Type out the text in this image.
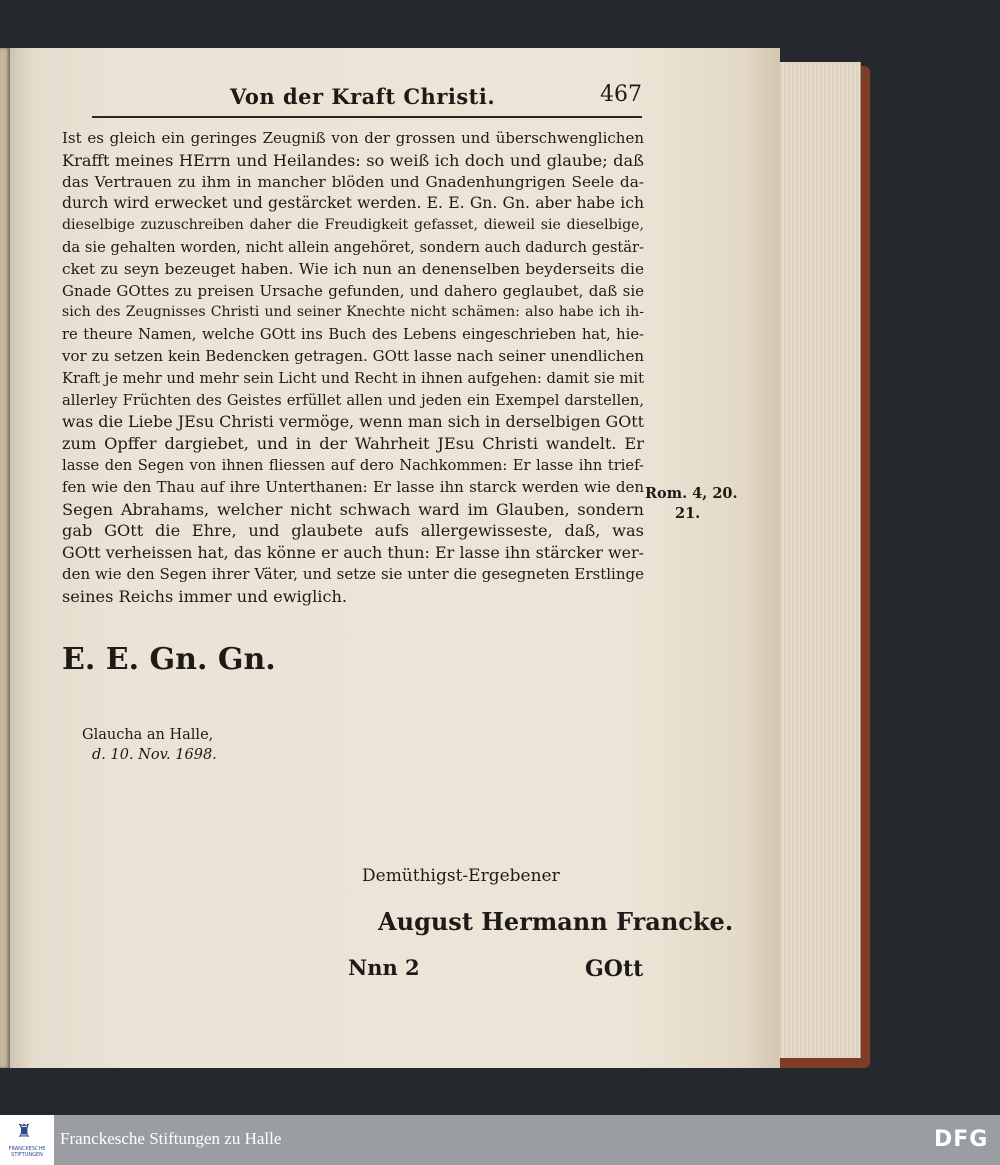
Von der Kraft Christi.	467
Ist es gleich ein geringes Zeugniß von der grossen und überschwenglichen
Krafft meines HErrn und Heilandes: so weiß ich doch und glaube; daß
das Vertrauen zu ihm in mancher blöden und Gnadenhungrigen Seele da-
durch wird erwecket und gestärcket werden. E. E. Gn. Gn. aber habe ich
dieselbige zuzuschreiben daher die Freudigkeit gefasset, dieweil sie dieselbige,
da sie gehalten worden, nicht allein angehöret, sondern auch dadurch gestär-
cket zu seyn bezeuget haben. Wie ich nun an denenselben beyderseits die
Gnade GOttes zu preisen Ursache gefunden, und dahero geglaubet, daß sie
sich des Zeugnisses Christi und seiner Knechte nicht schämen: also habe ich ih-
re theure Namen, welche GOtt ins Buch des Lebens eingeschrieben hat, hie-
vor zu setzen kein Bedencken getragen. GOtt lasse nach seiner unendlichen
Kraft je mehr und mehr sein Licht und Recht in ihnen aufgehen: damit sie mit
allerley Früchten des Geistes erfüllet allen und jeden ein Exempel darstellen,
was die Liebe JEsu Christi vermöge, wenn man sich in derselbigen GOtt
zum Opffer dargiebet, und in der Wahrheit JEsu Christi wandelt. Er
lasse den Segen von ihnen fliessen auf dero Nachkommen: Er lasse ihn trief-
fen wie den Thau auf ihre Unterthanen: Er lasse ihn starck werden wie den
Segen Abrahams, welcher nicht schwach ward im Glauben, sondern
gab GOtt die Ehre, und glaubete aufs allergewisseste, daß, was
GOtt verheissen hat, das könne er auch thun: Er lasse ihn stärcker wer-
den wie den Segen ihrer Väter, und setze sie unter die gesegneten Erstlinge
seines Reichs immer und ewiglich.
Rom. 4, 20.
21.
E. E. Gn. Gn.
Glaucha an Halle,
d. 10. Nov. 1698.
Demüthigst-Ergebener
August Hermann Francke.
Nnn 2	GOtt
♜
FRANCKESCHE STIFTUNGEN
Franckesche Stiftungen zu Halle	DFG
